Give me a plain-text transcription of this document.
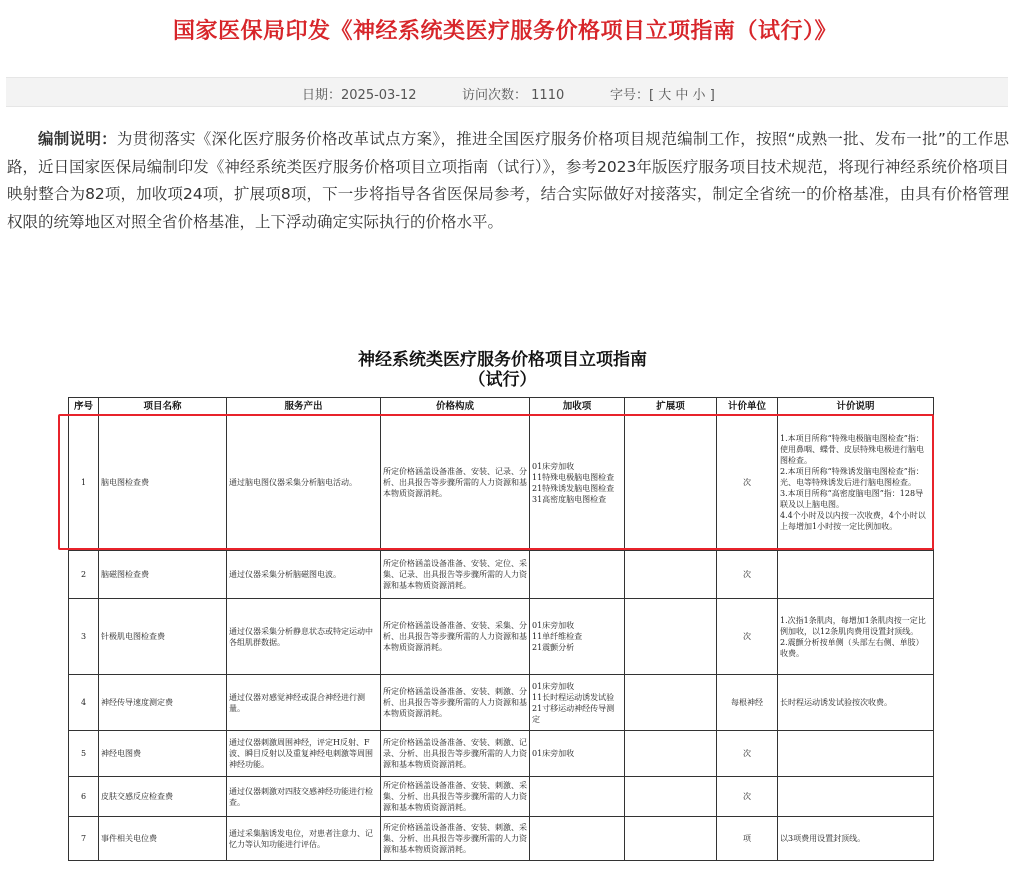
国家医保局印发《神经系统类医疗服务价格项目立项指南（试行）》
日期：2025-03-12	访问次数： 1110	字号：[ 大 中 小 ]
编制说明：为贯彻落实《深化医疗服务价格改革试点方案》，推进全国医疗服务价格项目规范编制工作，按照“成熟一批、发布一批”的工作思路，近日国家医保局编制印发《神经系统类医疗服务价格项目立项指南（试行）》，参考2023年版医疗服务项目技术规范，将现行神经系统价格项目映射整合为82项，加收项24项，扩展项8项，下一步将指导各省医保局参考，结合实际做好对接落实，制定全省统一的价格基准，由具有价格管理权限的统筹地区对照全省价格基准，上下浮动确定实际执行的价格水平。
神经系统类医疗服务价格项目立项指南
（试行）
序号	项目名称	服务产出	价格构成	加收项	扩展项	计价单位	计价说明
1	脑电图检查费	通过脑电图仪器采集分析脑电活动。	所定价格涵盖设备准备、安装、记录、分析、出具报告等步骤所需的人力资源和基本物质资源消耗。	01床旁加收
11特殊电极脑电图检查
21特殊诱发脑电图检查
31高密度脑电图检查		次	1.本项目所称“特殊电极脑电图检查”指：使用鼻咽、蝶骨、皮层特殊电极进行脑电图检查。
2.本项目所称“特殊诱发脑电图检查”指：光、电等特殊诱发后进行脑电图检查。
3.本项目所称“高密度脑电图”指：128导联及以上脑电图。
4.4个小时及以内按一次收费，4个小时以上每增加1小时按一定比例加收。
2	脑磁图检查费	通过仪器采集分析脑磁图电波。	所定价格涵盖设备准备、安装、定位、采集、记录、出具报告等步骤所需的人力资源和基本物质资源消耗。			次	
3	针极肌电图检查费	通过仪器采集分析静息状态或特定运动中各组肌群数据。	所定价格涵盖设备准备、安装、采集、分析、出具报告等步骤所需的人力资源和基本物质资源消耗。	01床旁加收
11单纤维检查
21震颤分析		次	1.次指1条肌肉，每增加1条肌肉按一定比例加收，以12条肌肉费用设置封顶线。
2.震颤分析按单侧（头部左右侧、单肢）收费。
4	神经传导速度测定费	通过仪器对感觉神经或混合神经进行测量。	所定价格涵盖设备准备、安装、刺激、分析、出具报告等步骤所需的人力资源和基本物质资源消耗。	01床旁加收
11长时程运动诱发试验
21寸移运动神经传导测定		每根神经	长时程运动诱发试验按次收费。
5	神经电图费	通过仪器刺激周围神经，评定H反射、F波、瞬目反射以及重复神经电刺激等周围神经功能。	所定价格涵盖设备准备、安装、刺激、记录、分析、出具报告等步骤所需的人力资源和基本物质资源消耗。	01床旁加收		次	
6	皮肤交感反应检查费	通过仪器刺激对四肢交感神经功能进行检查。	所定价格涵盖设备准备、安装、刺激、采集、分析、出具报告等步骤所需的人力资源和基本物质资源消耗。			次	
7	事件相关电位费	通过采集脑诱发电位，对患者注意力、记忆力等认知功能进行评估。	所定价格涵盖设备准备、安装、刺激、采集、分析、出具报告等步骤所需的人力资源和基本物质资源消耗。			项	以3项费用设置封顶线。
